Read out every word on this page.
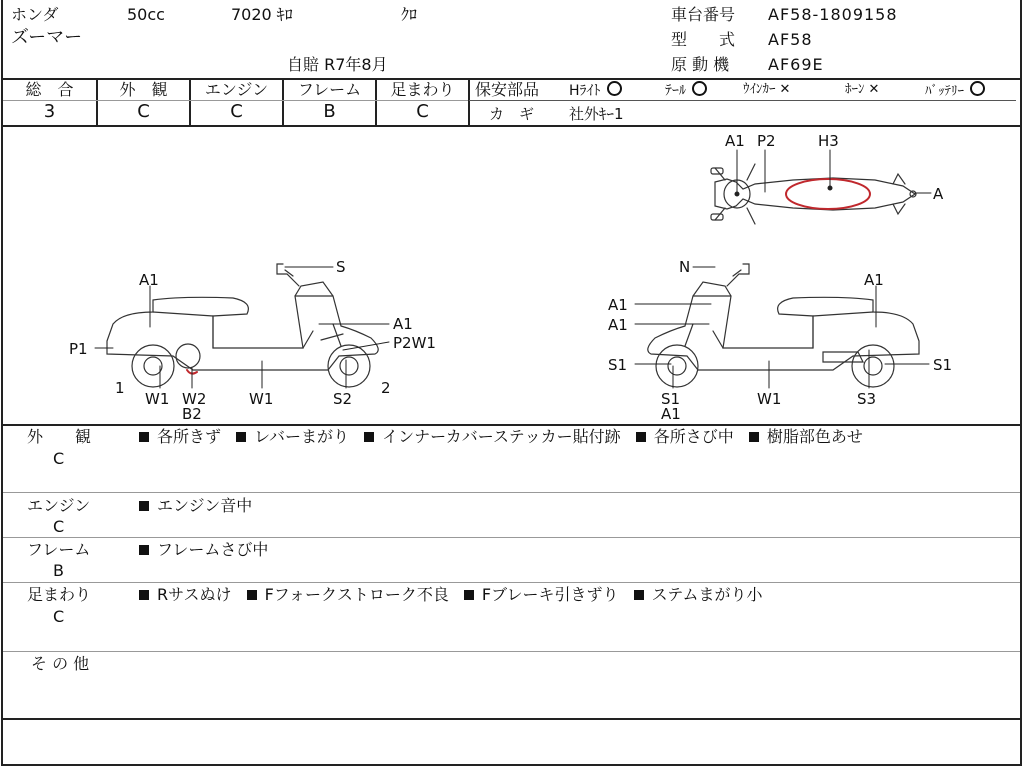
ホンダ	50cc	7020 ｷﾛ	ｸﾛ
ズーマー
自賠 R7年8月
車台番号 AF58-1809158
型　　式 AF58
原 動 機 AF69E
総　合
3
外　観
C
エンジン
C
フレーム
B
足まわり
C
保安部品 Hﾗｲﾄ	ﾃｰﾙ	ｳｲﾝｶｰ ✕	ﾎｰﾝ ✕	ﾊﾞｯﾃﾘｰ
カ　ギ 社外ｷｰ1
A1 P2	H3
A
A1
S
A1
P1	P2W1
1	2
W1 W2
B2
W1	S2
N
A1
A1
A1
S1	S1
S1
A1
W1	S3
外　　観
C
各所きず レバーまがり インナーカバーステッカー貼付跡 各所さび中 樹脂部色あせ
エンジン
C
エンジン音中
フレーム
B
フレームさび中
足まわり
C
Rサスぬけ Fフォークストローク不良 Fブレーキ引きずり ステムまがり小
そ の 他
